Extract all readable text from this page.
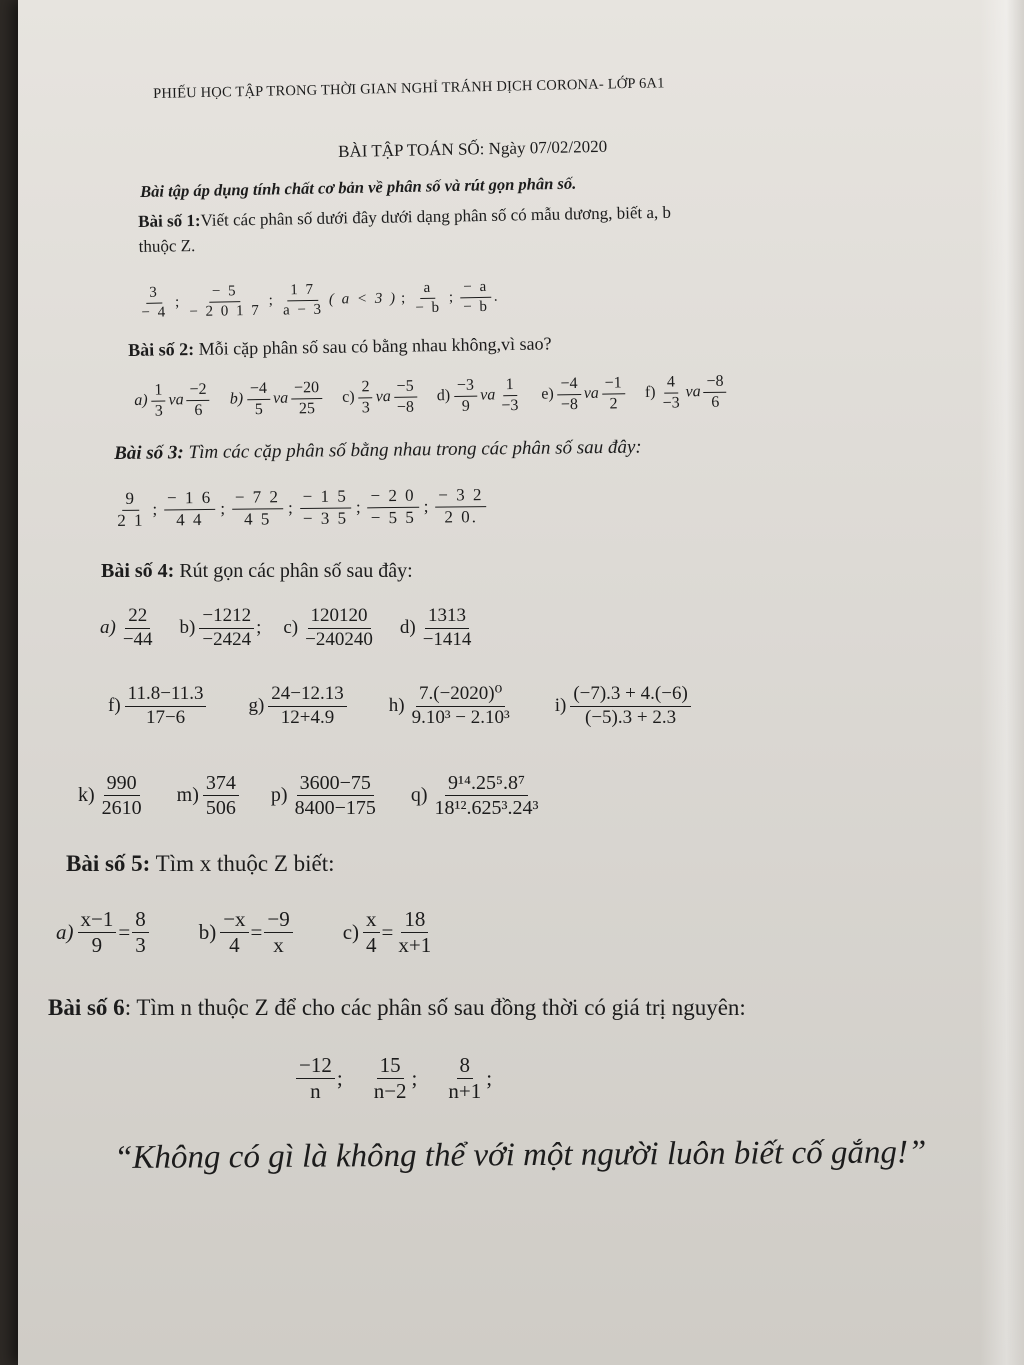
PHIẾU HỌC TẬP TRONG THỜI GIAN NGHỈ TRÁNH DỊCH CORONA- LỚP 6A1
BÀI TẬP TOÁN SỐ: Ngày 07/02/2020
Bài tập áp dụng tính chất cơ bản về phân số và rút gọn phân số.
Bài số 1:Viết các phân số dưới đây dưới dạng phân số có mẫu dương, biết a, b
thuộc Z.
$\frac{3}{- 4}$ ; $\frac{- 5}{- 2 0 1 7}$ ; $\frac{1 7}{a - 3}$ ( a < 3 ) ; $\frac{a}{- b}$ ; $\frac{- a}{- b}$ .
Bài số 2: Mỗi cặp phân số sau có bằng nhau không,vì sao?
$a) \frac{1}{3}$ va $\frac{-2}{6} b) \frac{-4}{5}$ va $\frac{-20}{25} c) \frac{2}{3}$ va $\frac{-5}{-8} d) \frac{-3}{9}$ va $\frac{1}{-3} e) \frac{-4}{-8}$ va $\frac{-1}{2} f) \frac{4}{-3}$ va $\frac{-8}{6}$
Bài số 3: Tìm các cặp phân số bằng nhau trong các phân số sau đây:
$\frac{9}{2 1}$ ; $\frac{- 1 6}{4 4}$ ; $\frac{- 7 2}{4 5}$ ; $\frac{- 1 5}{- 3 5}$ ; $\frac{- 2 0}{- 5 5}$ ; $\frac{- 3 2}{2 0.}$
Bài số 4: Rút gọn các phân số sau đây:
$a) \frac{22}{-44} b) \frac{-1212}{-2424}$ ; $c) \frac{120120}{-240240} d) \frac{1313}{-1414}$
$f) \frac{11.8-11.3}{17-6} g) \frac{24-12.13}{12+4.9} h) \frac{\text{7.(−2020)⁰}}{\text{9.10³ − 2.10³}} i) \frac{(-7).3 + 4.(-6)}{(-5).3 + 2.3}$
$k) \frac{990}{2610} m) \frac{374}{506} p) \frac{3600-75}{8400-175} q) \frac{\text{9¹⁴.25⁵.8⁷}}{\text{18¹².625³.24³}}$
Bài số 5: Tìm x thuộc Z biết:
$a) \frac{x-1}{9} = \frac{8}{3} b) \frac{-x}{4} = \frac{-9}{x} c) \frac{x}{4} = \frac{18}{x+1}$
Bài số 6: Tìm n thuộc Z để cho các phân số sau đồng thời có giá trị nguyên:
$\frac{-12}{n}$ ; $\frac{15}{n-2}$ ; $\frac{8}{n+1}$ ;
“Không có gì là không thể với một người luôn biết cố gắng!”
